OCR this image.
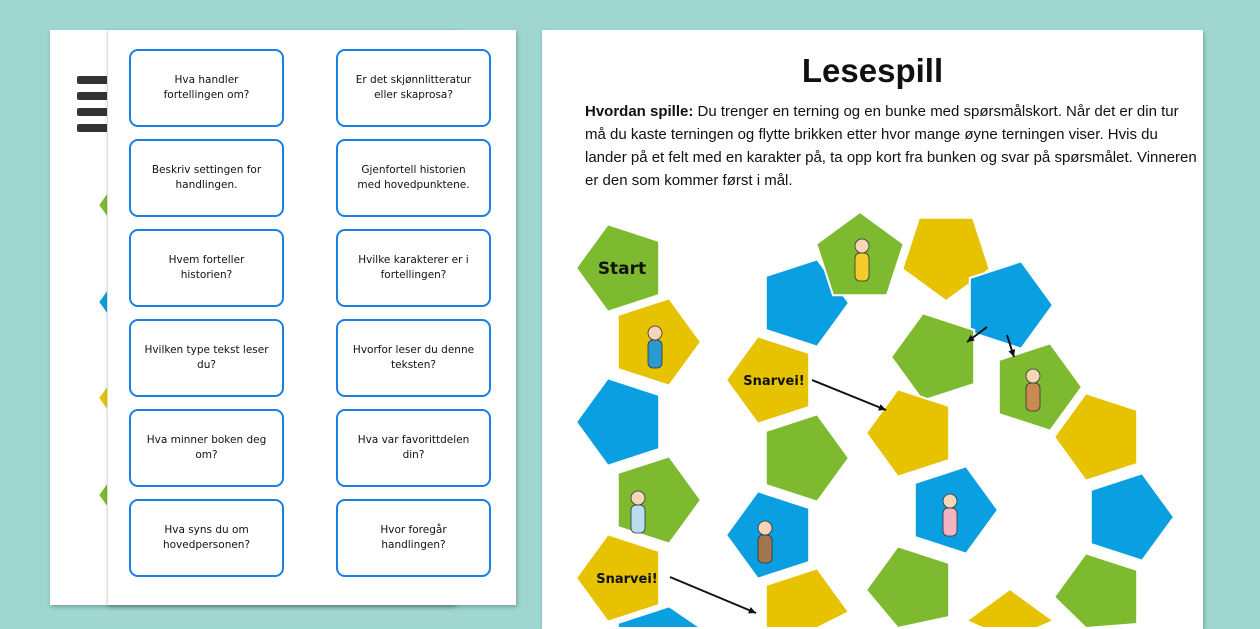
Hva handler fortellingen om?
Er det skjønnlitteratur eller skaprosa?
Beskriv settingen for handlingen.
Gjenfortell historien med hovedpunktene.
Hvem forteller historien?
Hvilke karakterer er i fortellingen?
Hvilken type tekst leser du?
Hvorfor leser du denne teksten?
Hva minner boken deg om?
Hva var favorittdelen din?
Hva syns du om hovedpersonen?
Hvor foregår handlingen?
Lesespill
Hvordan spille: Du trenger en terning og en bunke med spørsmålskort. Når det er din tur må du kaste terningen og flytte brikken etter hvor mange øyne terningen viser. Hvis du lander på et felt med en karakter på, ta opp kort fra bunken og svar på spørsmålet. Vinneren er den som kommer først i mål.
Start
Snarvei!
Snarvei!
